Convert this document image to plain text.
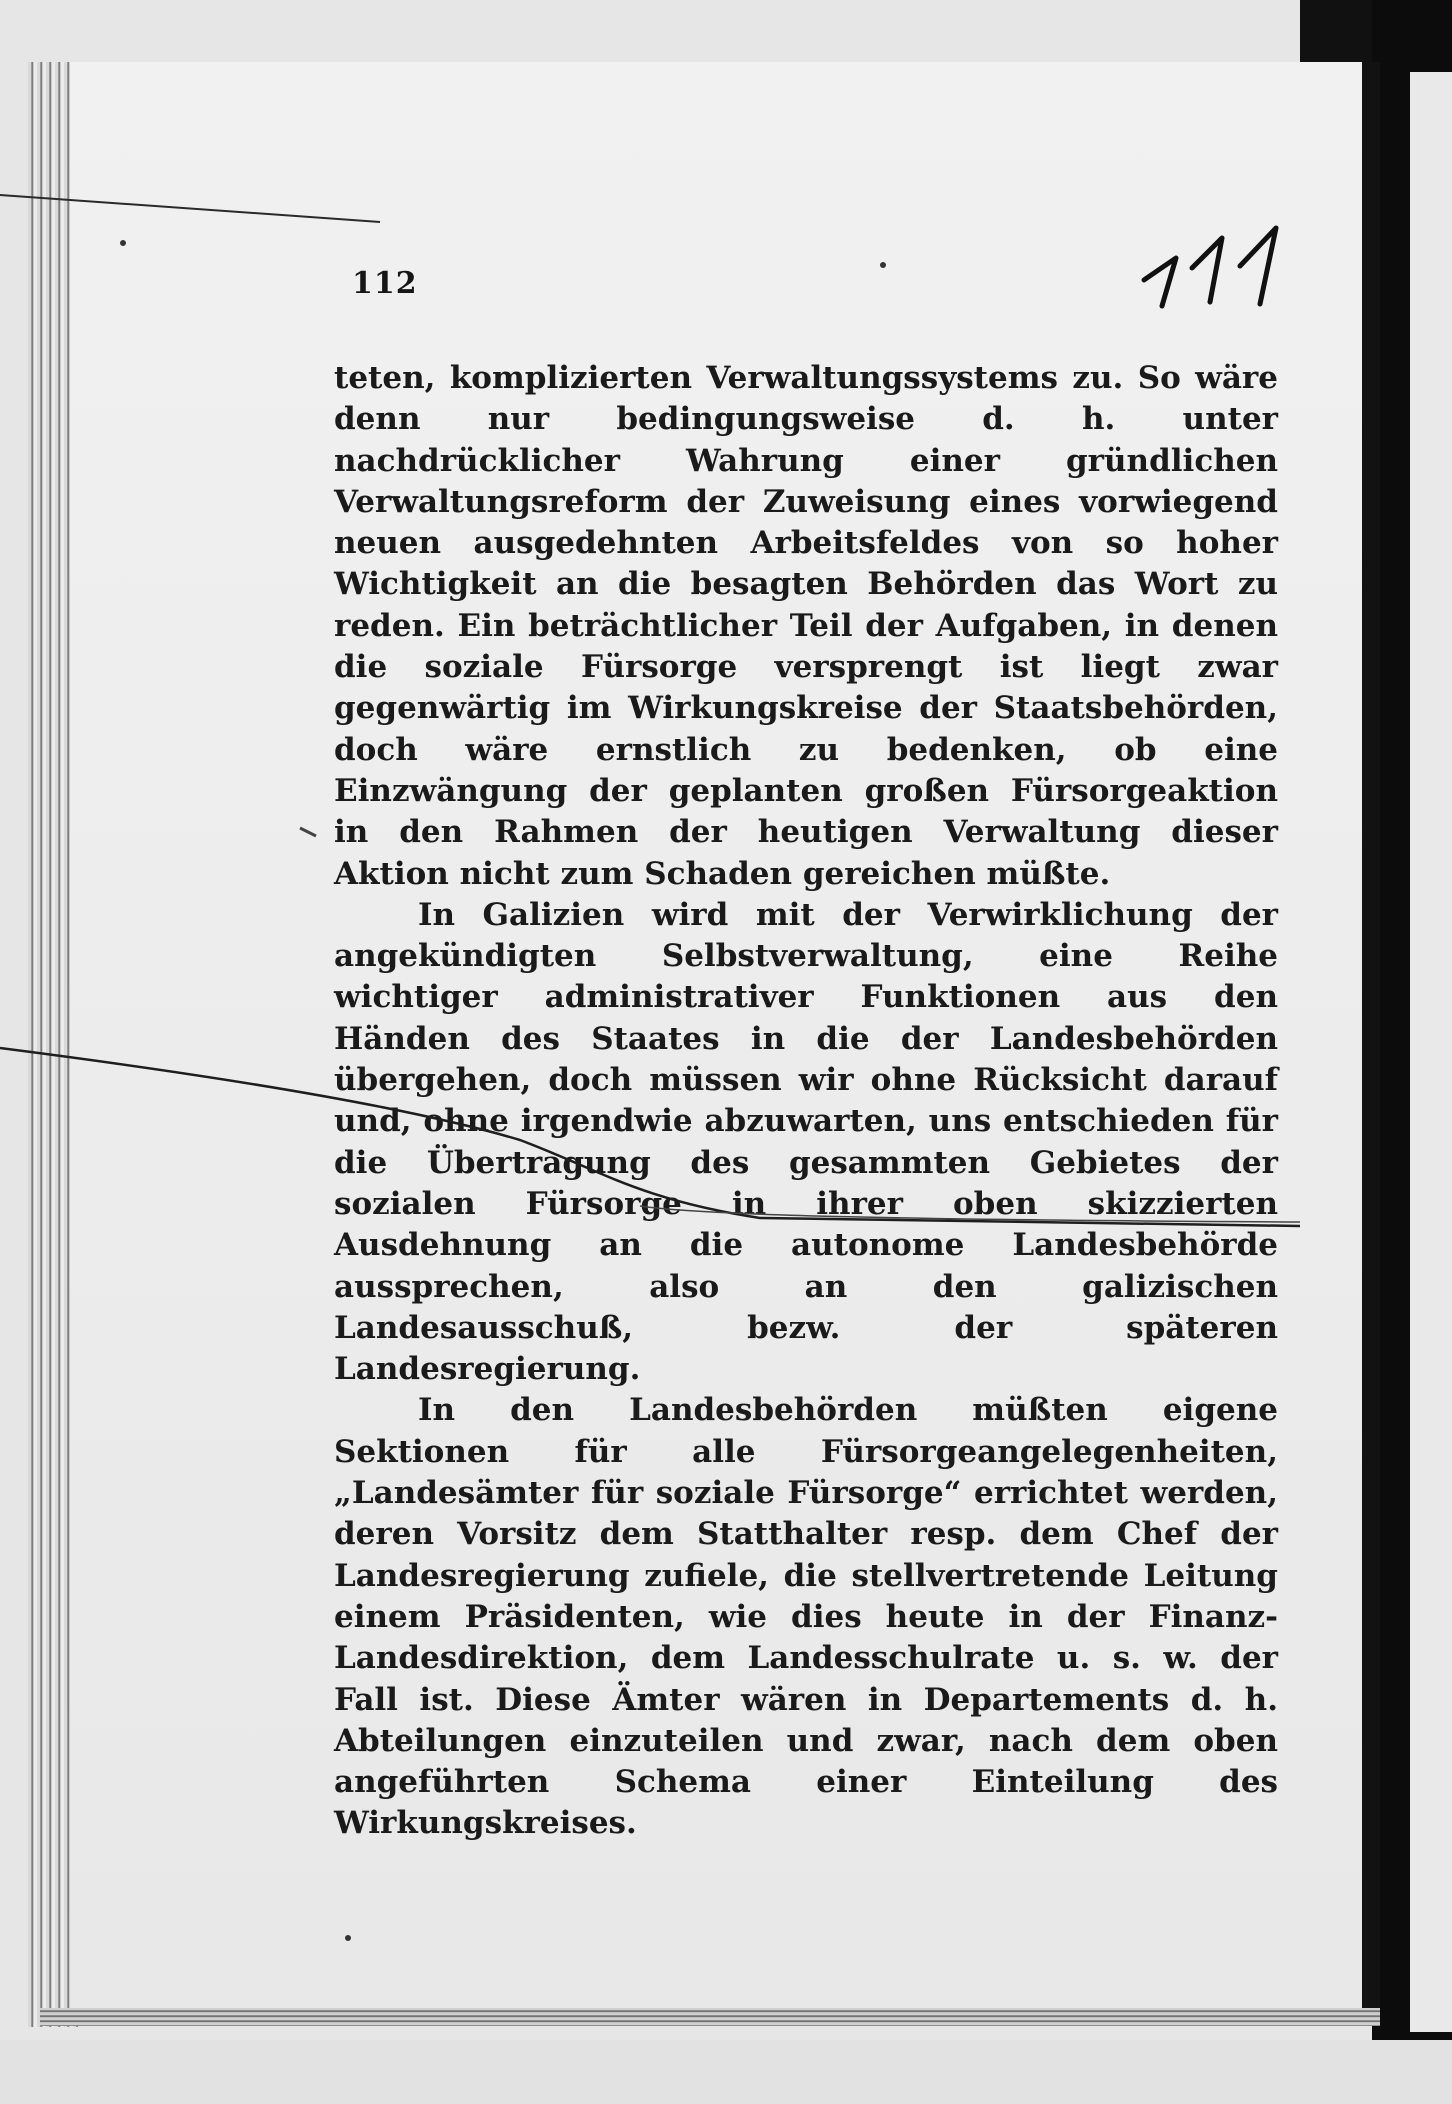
112

teten, komplizierten Verwaltungssystems zu. So wäre denn nur bedingungsweise d. h. unter nachdrücklicher Wahrung einer gründlichen Verwaltungsreform der Zuweisung eines vorwiegend neuen ausgedehnten Arbeitsfeldes von so hoher Wichtigkeit an die besagten Behörden das Wort zu reden. Ein beträchtlicher Teil der Aufgaben, in denen die soziale Fürsorge versprengt ist liegt zwar gegenwärtig im Wirkungskreise der Staatsbehörden, doch wäre ernstlich zu bedenken, ob eine Einzwängung der geplanten großen Fürsorgeaktion in den Rahmen der heutigen Verwaltung dieser Aktion nicht zum Schaden gereichen müßte.

In Galizien wird mit der Verwirklichung der angekündigten Selbstverwaltung, eine Reihe wichtiger administrativer Funktionen aus den Händen des Staates in die der Landesbehörden übergehen, doch müssen wir ohne Rücksicht darauf und, ohne irgendwie abzuwarten, uns entschieden für die Übertragung des gesammten Gebietes der sozialen Fürsorge in ihrer oben skizzierten Ausdehnung an die autonome Landesbehörde aussprechen, also an den galizischen Landesausschuß, bezw. der späteren Landesregierung.

In den Landesbehörden müßten eigene Sektionen für alle Fürsorgeangelegenheiten, „Landesämter für soziale Fürsorge“ errichtet werden, deren Vorsitz dem Statthalter resp. dem Chef der Landesregierung zufiele, die stellvertretende Leitung einem Präsidenten, wie dies heute in der Finanz-Landesdirektion, dem Landesschulrate u. s. w. der Fall ist. Diese Ämter wären in Departements d. h. Abteilungen einzuteilen und zwar, nach dem oben angeführten Schema einer Einteilung des Wirkungskreises.
